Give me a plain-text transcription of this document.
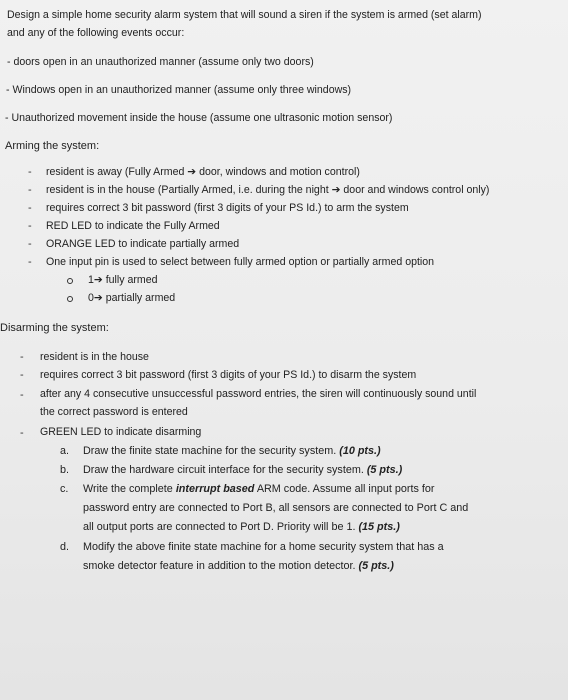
Design a simple home security alarm system that will sound a siren if the system is armed (set alarm)
and any of the following events occur:
- doors open in an unauthorized manner (assume only two doors)
- Windows open in an unauthorized manner (assume only three windows)
- Unauthorized movement inside the house (assume one ultrasonic motion sensor)
Arming the system:
- resident is away (Fully Armed ➔ door, windows and motion control)
- resident is in the house (Partially Armed, i.e. during the night ➔ door and windows control only)
- requires correct 3 bit password (first 3 digits of your PS Id.) to arm the system
- RED LED to indicate the Fully Armed
- ORANGE LED to indicate partially armed
- One input pin is used to select between fully armed option or partially armed option
1➔ fully armed
0➔ partially armed
Disarming the system:
- resident is in the house
- requires correct 3 bit password (first 3 digits of your PS Id.) to disarm the system
- after any 4 consecutive unsuccessful password entries, the siren will continuously sound until
the correct password is entered
- GREEN LED to indicate disarming
a. Draw the finite state machine for the security system. (10 pts.)
b. Draw the hardware circuit interface for the security system. (5 pts.)
c. Write the complete interrupt based ARM code. Assume all input ports for
password entry are connected to Port B, all sensors are connected to Port C and
all output ports are connected to Port D. Priority will be 1. (15 pts.)
d. Modify the above finite state machine for a home security system that has a
smoke detector feature in addition to the motion detector. (5 pts.)
